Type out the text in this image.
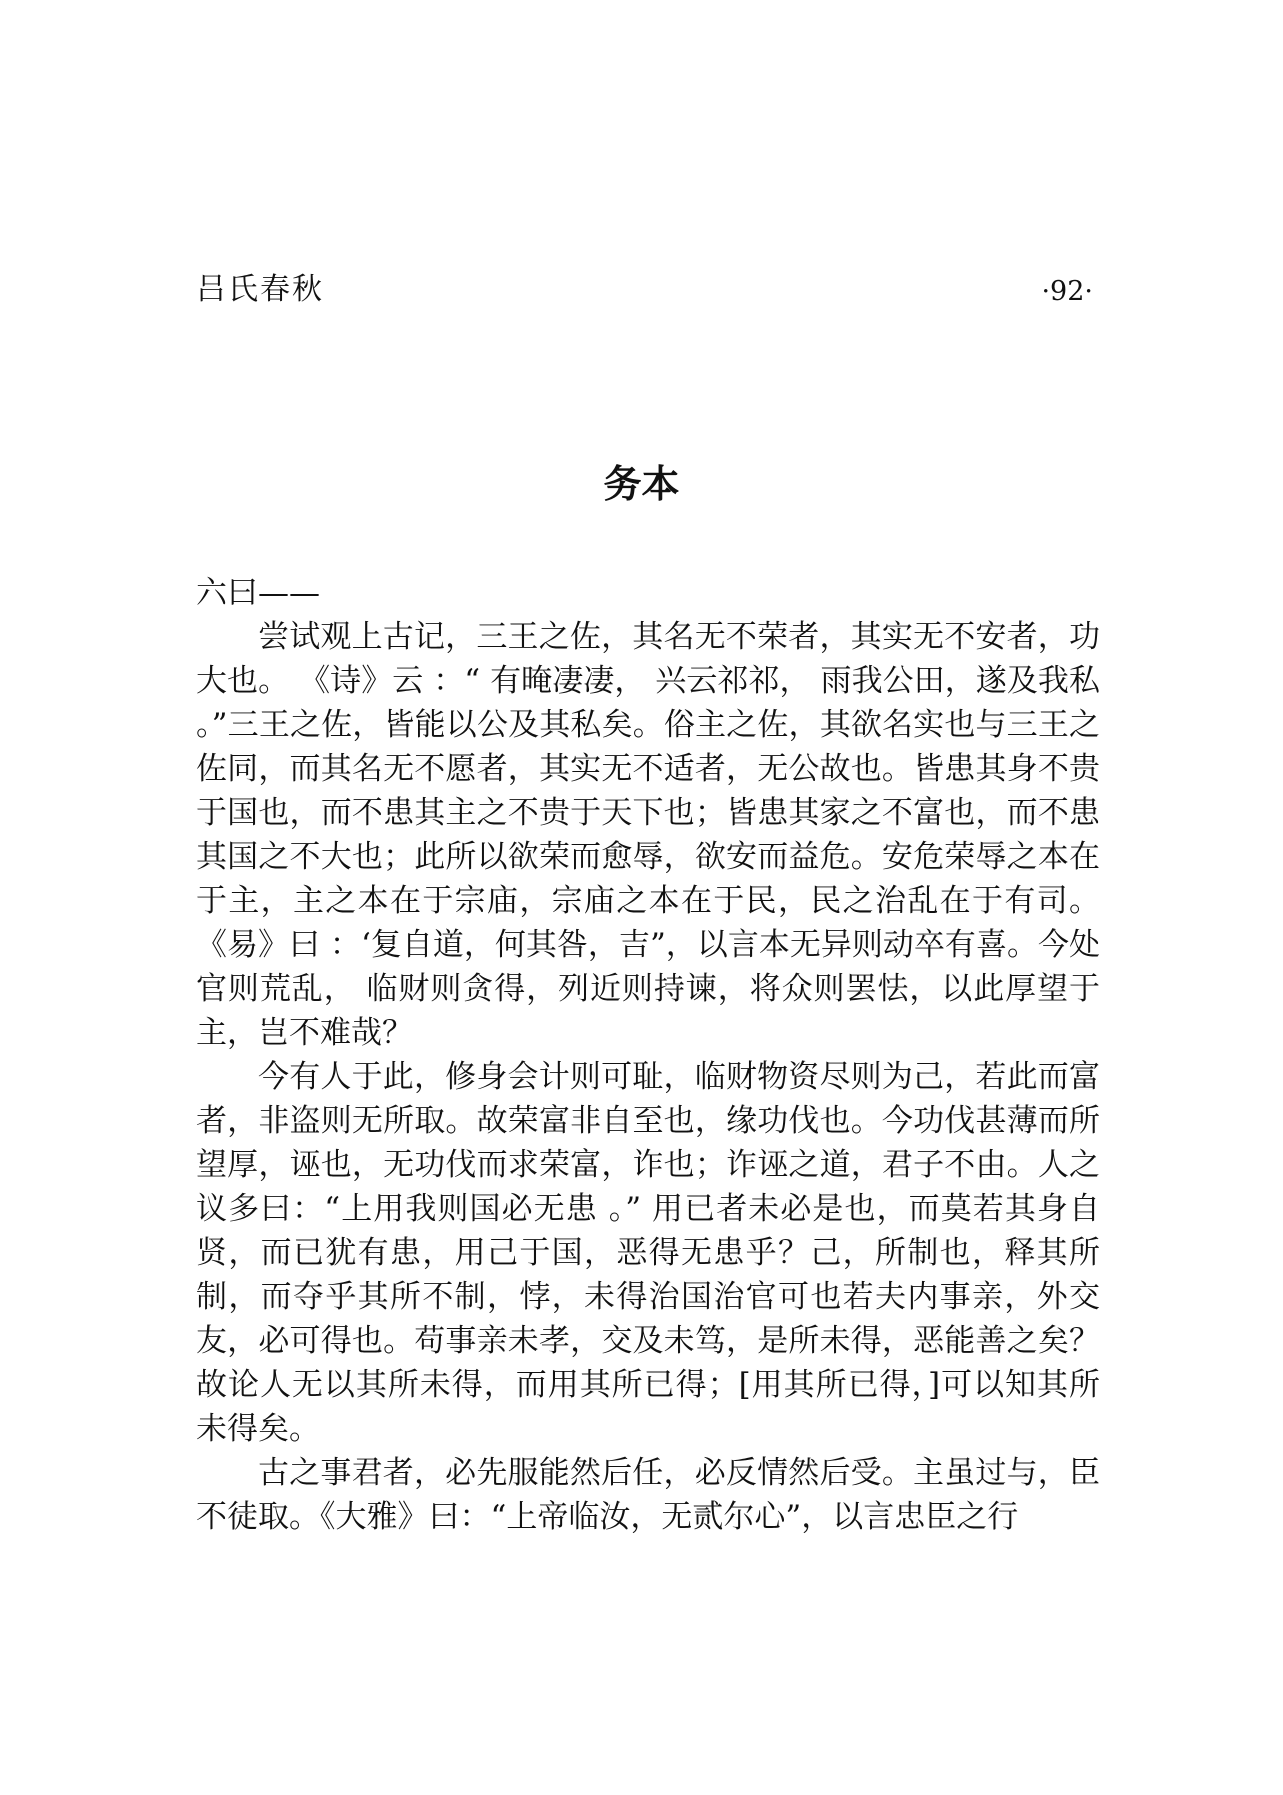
吕氏春秋	·92·
务本

六曰——

尝试观上古记，三王之佐，其名无不荣者，其实无不安者，功大也。 《诗》云 ：“ 有晻凄凄， 兴云祁祁， 雨我公田，遂及我私 。”三王之佐，皆能以公及其私矣。俗主之佐，其欲名实也与三王之佐同，而其名无不愿者，其实无不适者，无公故也。皆患其身不贵于国也，而不患其主之不贵于天下也；皆患其家之不富也，而不患其国之不大也；此所以欲荣而愈辱，欲安而益危。安危荣辱之本在于主，主之本在于宗庙，宗庙之本在于民，民之治乱在于有司。《易》曰 ：‘复自道，何其咎，吉”，以言本无异则动卒有喜。今处官则荒乱， 临财则贪得，列近则持谏，将众则罢怯，以此厚望于主，岂不难哉？

今有人于此，修身会计则可耻，临财物资尽则为己，若此而富者，非盗则无所取。故荣富非自至也，缘功伐也。今功伐甚薄而所望厚，诬也，无功伐而求荣富，诈也；诈诬之道，君子不由。人之议多曰：“上用我则国必无患 。” 用已者未必是也，而莫若其身自贤，而已犹有患，用己于国，恶得无患乎？己，所制也，释其所制，而夺乎其所不制，悖，未得治国治官可也若夫内事亲，外交友，必可得也。苟事亲未孝，交及未笃，是所未得，恶能善之矣？故论人无以其所未得，而用其所已得；[用其所已得，]可以知其所未得矣。

古之事君者，必先服能然后任，必反情然后受。主虽过与，臣不徒取。《大雅》曰：“上帝临汝，无贰尔心”，以言忠臣之行
